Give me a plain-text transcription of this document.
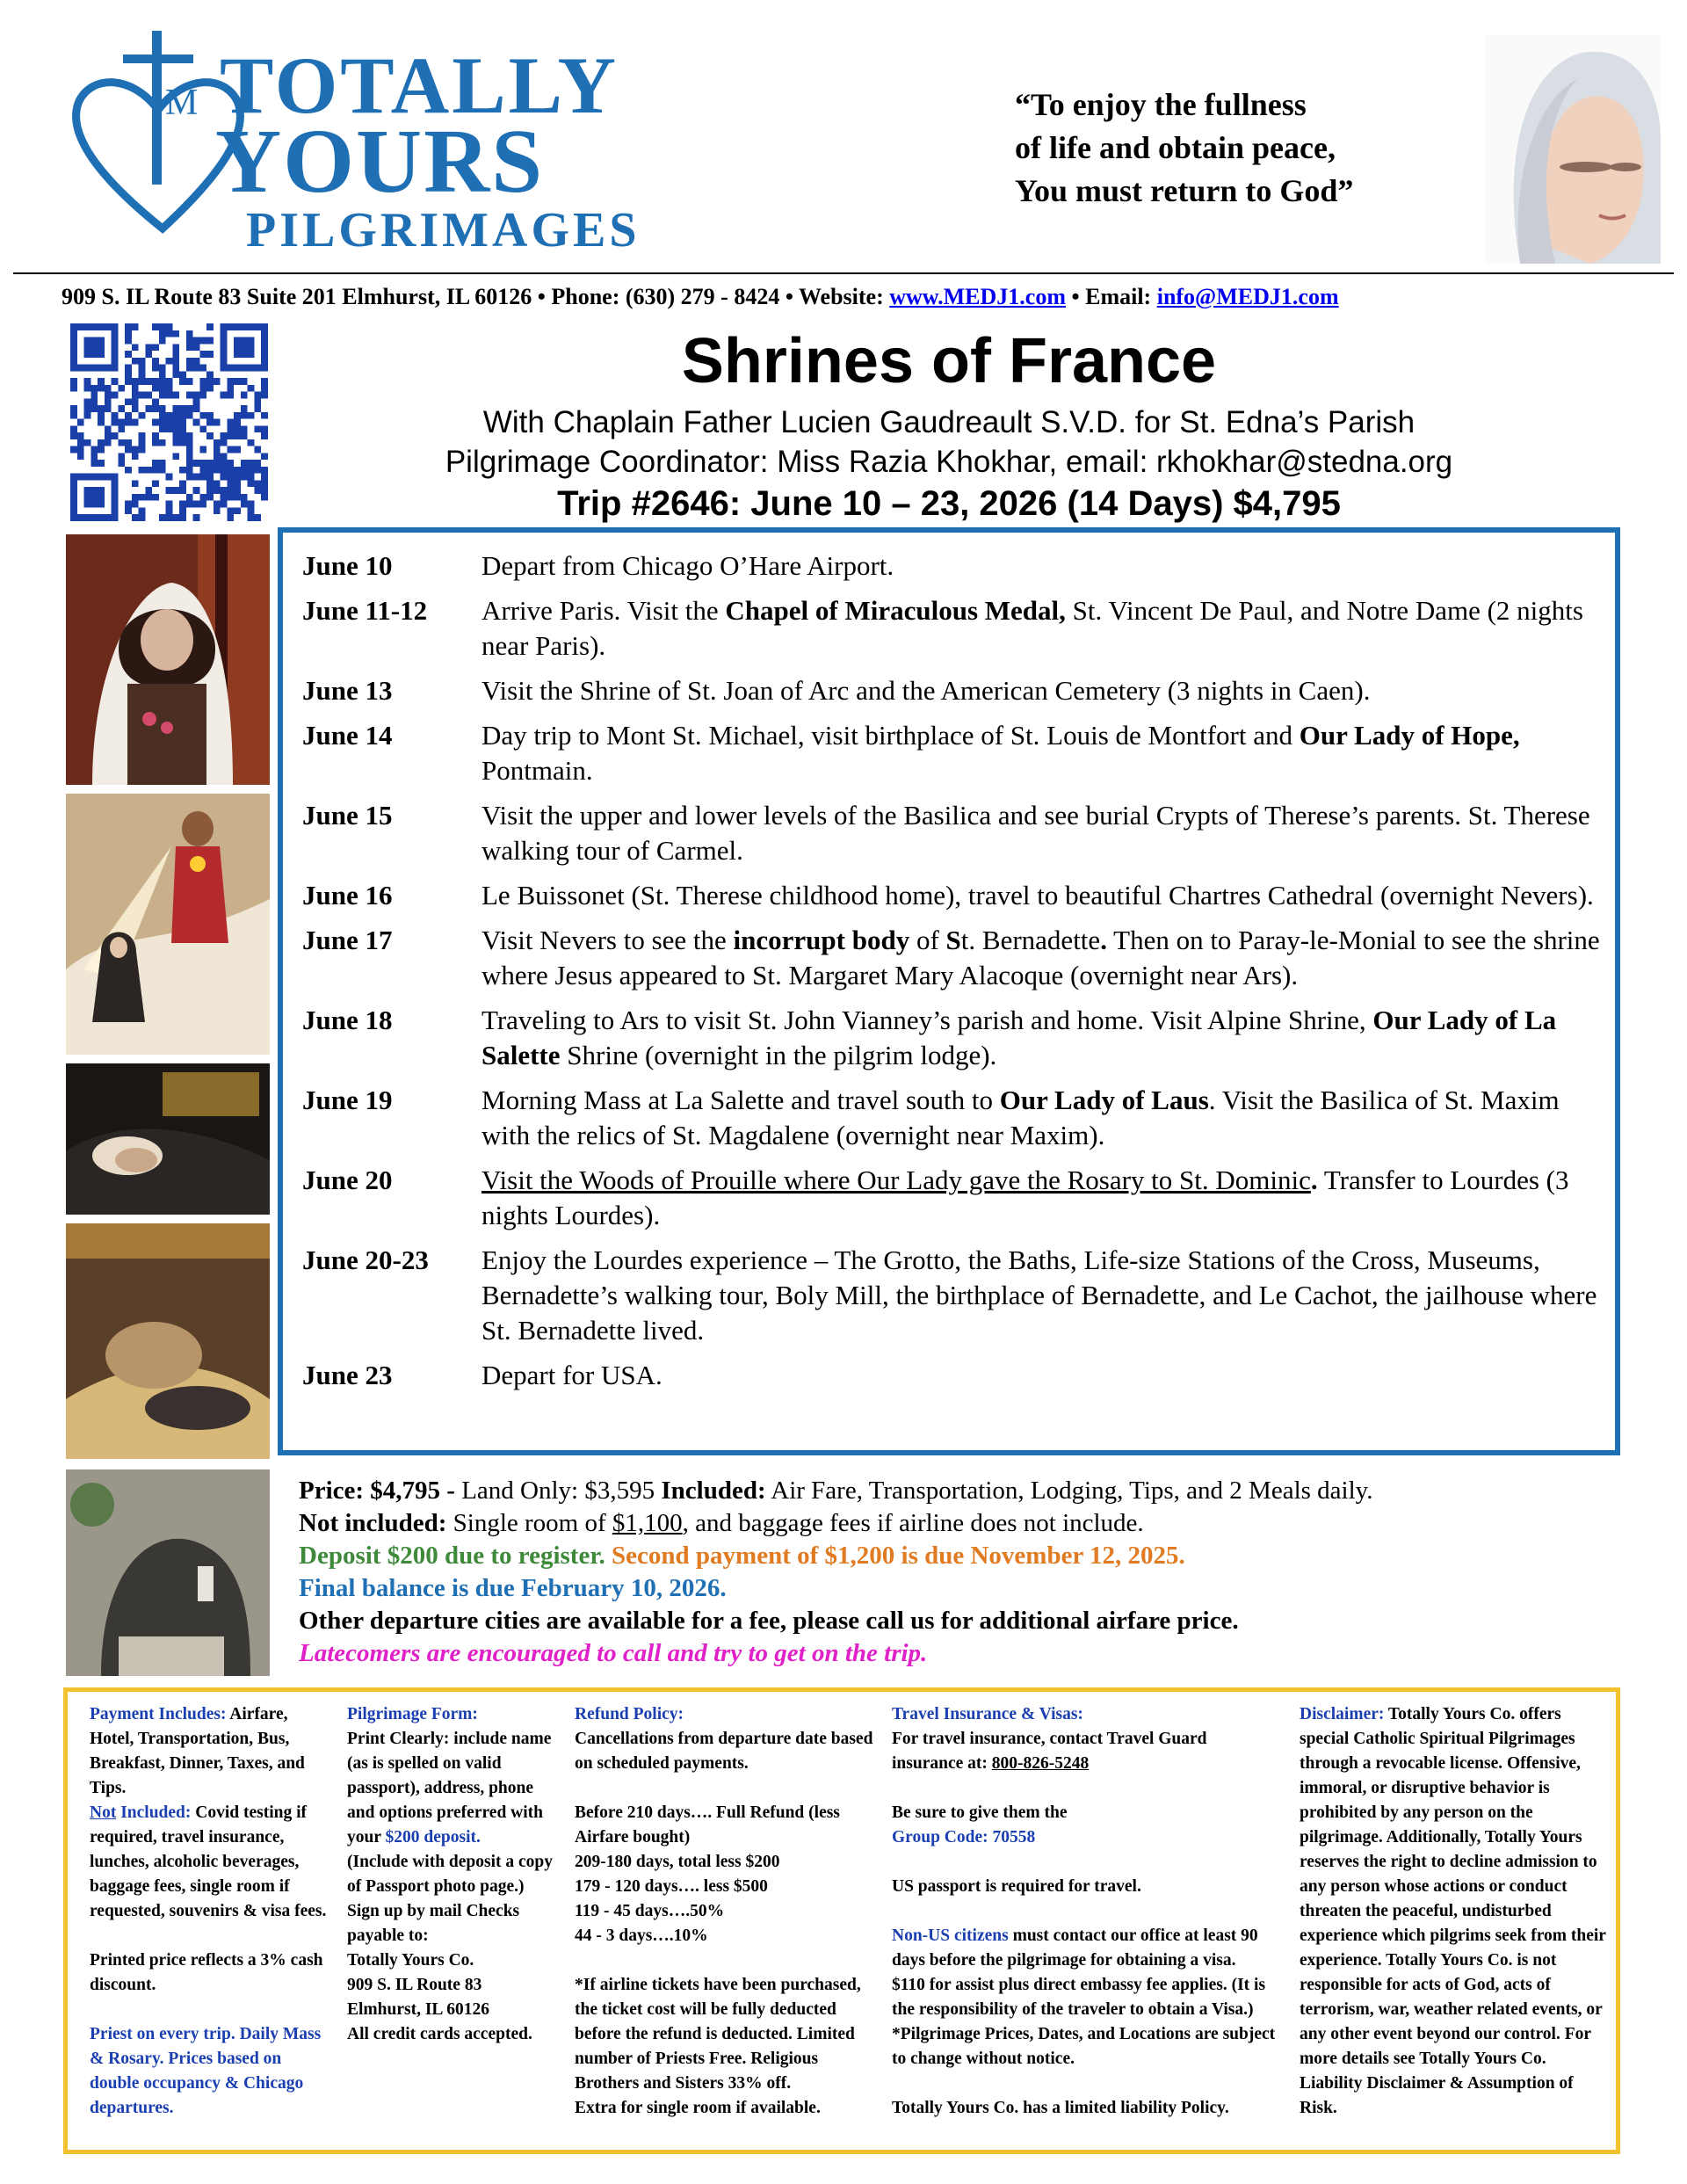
M TOTALLY
YOURS
PILGRIMAGES
“To enjoy the fullness
of life and obtain peace,
You must return to God”
909 S. IL Route 83 Suite 201 Elmhurst, IL 60126 • Phone: (630) 279 - 8424 • Website: www.MEDJ1.com • Email: info@MEDJ1.com
Shrines of France
With Chaplain Father Lucien Gaudreault S.V.D. for St. Edna’s Parish
Pilgrimage Coordinator: Miss Razia Khokhar, email: rkhokhar@stedna.org
Trip #2646: June 10 – 23, 2026 (14 Days) $4,795
June 10	Depart from Chicago O’Hare Airport.
June 11-12	Arrive Paris. Visit the Chapel of Miraculous Medal, St. Vincent De Paul, and Notre Dame (2 nights near Paris).
June 13	Visit the Shrine of St. Joan of Arc and the American Cemetery (3 nights in Caen).
June 14	Day trip to Mont St. Michael, visit birthplace of St. Louis de Montfort and Our Lady of Hope, Pontmain.
June 15	Visit the upper and lower levels of the Basilica and see burial Crypts of Therese’s parents. St. Therese walking tour of Carmel.
June 16	Le Buissonet (St. Therese childhood home), travel to beautiful Chartres Cathedral (overnight Nevers).
June 17	Visit Nevers to see the incorrupt body of St. Bernadette. Then on to Paray-le-Monial to see the shrine where Jesus appeared to St. Margaret Mary Alacoque (overnight near Ars).
June 18	Traveling to Ars to visit St. John Vianney’s parish and home. Visit Alpine Shrine, Our Lady of La Salette Shrine (overnight in the pilgrim lodge).
June 19	Morning Mass at La Salette and travel south to Our Lady of Laus. Visit the Basilica of St. Maxim with the relics of St. Magdalene (overnight near Maxim).
June 20	Visit the Woods of Prouille where Our Lady gave the Rosary to St. Dominic. Transfer to Lourdes (3 nights Lourdes).
June 20-23	Enjoy the Lourdes experience – The Grotto, the Baths, Life-size Stations of the Cross, Museums, Bernadette’s walking tour, Boly Mill, the birthplace of Bernadette, and Le Cachot, the jailhouse where St. Bernadette lived.
June 23	Depart for USA.
Price: $4,795 - Land Only: $3,595 Included: Air Fare, Transportation, Lodging, Tips, and 2 Meals daily.
Not included: Single room of $1,100, and baggage fees if airline does not include.
Deposit $200 due to register. Second payment of $1,200 is due November 12, 2025.
Final balance is due February 10, 2026.
Other departure cities are available for a fee, please call us for additional airfare price.
Latecomers are encouraged to call and try to get on the trip.
Payment Includes: Airfare, Hotel, Transportation, Bus, Breakfast, Dinner, Taxes, and Tips.
Not Included: Covid testing if required, travel insurance, lunches, alcoholic beverages, baggage fees, single room if requested, souvenirs & visa fees.
Printed price reflects a 3% cash discount.
Priest on every trip. Daily Mass & Rosary. Prices based on double occupancy & Chicago departures.
Pilgrimage Form:
Print Clearly: include name (as is spelled on valid passport), address, phone and options preferred with your $200 deposit.
(Include with deposit a copy of Passport photo page.)
Sign up by mail Checks payable to:
Totally Yours Co.
909 S. IL Route 83
Elmhurst, IL 60126
All credit cards accepted.
Refund Policy:
Cancellations from departure date based on scheduled payments.
Before 210 days…. Full Refund (less Airfare bought)
209-180 days, total less $200
179 - 120 days…. less $500
119 - 45 days….50%
44 - 3 days….10%
*If airline tickets have been purchased, the ticket cost will be fully deducted before the refund is deducted. Limited number of Priests Free. Religious Brothers and Sisters 33% off.
Extra for single room if available.
Travel Insurance & Visas:
For travel insurance, contact Travel Guard insurance at: 800-826-5248
Be sure to give them the
Group Code: 70558
US passport is required for travel.
Non-US citizens must contact our office at least 90 days before the pilgrimage for obtaining a visa.
$110 for assist plus direct embassy fee applies. (It is the responsibility of the traveler to obtain a Visa.) *Pilgrimage Prices, Dates, and Locations are subject to change without notice.
Totally Yours Co. has a limited liability Policy.
Disclaimer: Totally Yours Co. offers special Catholic Spiritual Pilgrimages through a revocable license. Offensive, immoral, or disruptive behavior is prohibited by any person on the pilgrimage. Additionally, Totally Yours reserves the right to decline admission to any person whose actions or conduct threaten the peaceful, undisturbed experience which pilgrims seek from their experience. Totally Yours Co. is not responsible for acts of God, acts of terrorism, war, weather related events, or any other event beyond our control. For more details see Totally Yours Co. Liability Disclaimer & Assumption of Risk.
